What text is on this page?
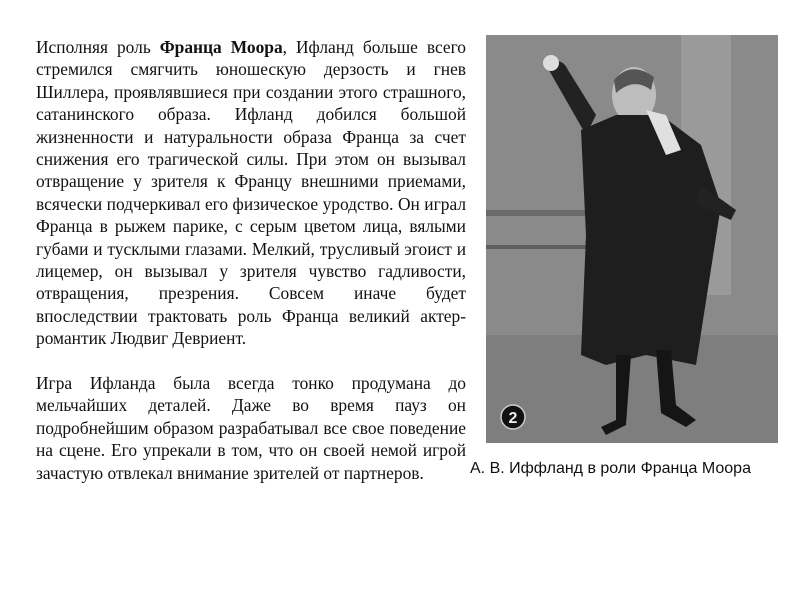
Исполняя роль Франца Моора, Ифланд больше всего стремился смягчить юношескую дерзость и гнев Шиллера, проявлявшиеся при создании этого страшного, сатанинского образа. Ифланд добился большой жизненности и натуральности образа Франца за счет снижения его трагической силы. При этом он вызывал отвращение у зрителя к Францу внешними приемами, всячески подчеркивал его физическое уродство. Он играл Франца в рыжем парике, с серым цветом лица, вялыми губами и тусклыми глазами. Мелкий, трусливый эгоист и лицемер, он вызывал у зрителя чувство гадливости, отвращения, презрения. Совсем иначе будет впоследствии трактовать роль Франца великий актер-романтик Людвиг Девриент.

Игра Ифланда была всегда тонко продумана до мельчайших деталей. Даже во время пауз он подробнейшим образом разрабатывал все свое поведение на сцене. Его упрекали в том, что он своей немой игрой зачастую отвлекал внимание зрителей от партнеров.

2
А. В. Иффланд в роли Франца Моора
